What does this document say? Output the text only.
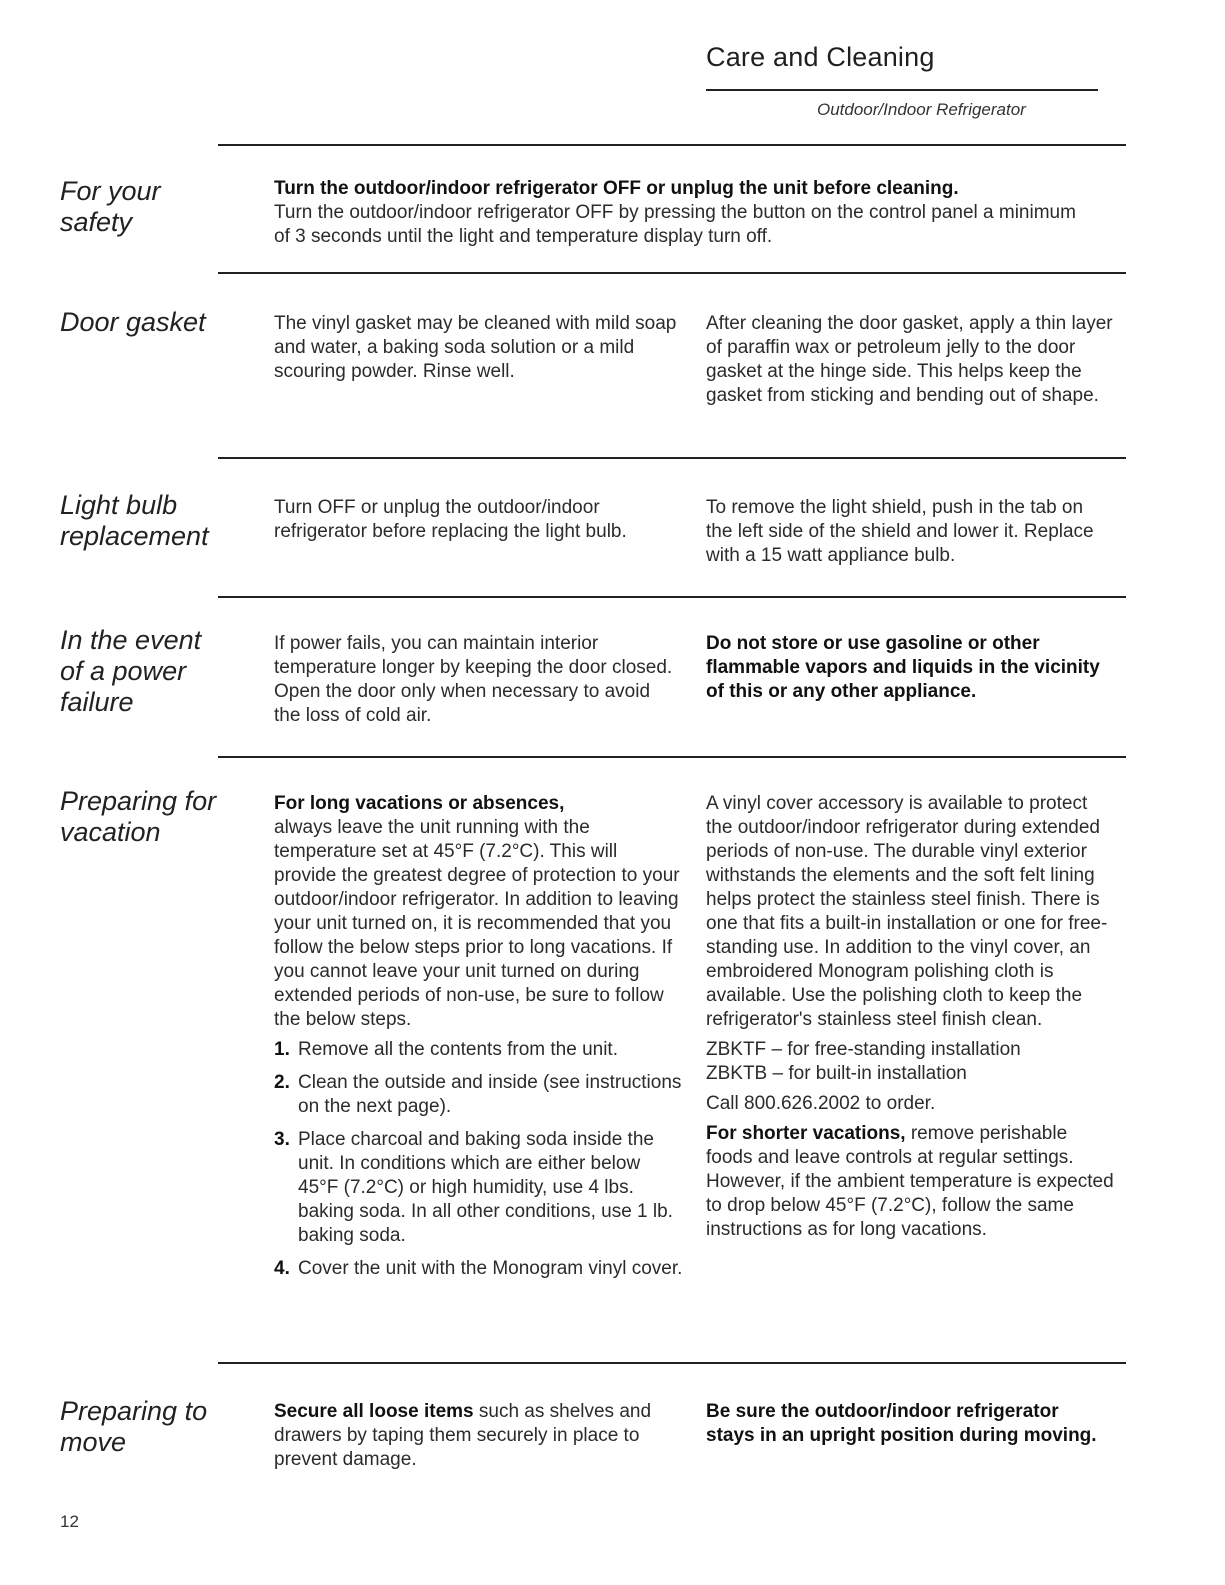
Care and Cleaning
Outdoor/Indoor Refrigerator
For your safety

Turn the outdoor/indoor refrigerator OFF or unplug the unit before cleaning.

Turn the outdoor/indoor refrigerator OFF by pressing the button on the control panel a minimum of 3 seconds until the light and temperature display turn off.

Door gasket	The vinyl gasket may be cleaned with mild soap and water, a baking soda solution or a mild scouring powder. Rinse well.

After cleaning the door gasket, apply a thin layer of paraffin wax or petroleum jelly to the door gasket at the hinge side. This helps keep the gasket from sticking and bending out of shape.

Light bulb replacement

Turn OFF or unplug the outdoor/indoor refrigerator before replacing the light bulb.

To remove the light shield, push in the tab on the left side of the shield and lower it. Replace with a 15 watt appliance bulb.

In the event of a power failure

If power fails, you can maintain interior temperature longer by keeping the door closed. Open the door only when necessary to avoid the loss of cold air.

Do not store or use gasoline or other flammable vapors and liquids in the vicinity of this or any other appliance.

Preparing for vacation

For long vacations or absences,

always leave the unit running with the temperature set at 45°F (7.2°C). This will provide the greatest degree of protection to your outdoor/indoor refrigerator. In addition to leaving your unit turned on, it is recommended that you follow the below steps prior to long vacations. If you cannot leave your unit turned on during extended periods of non-use, be sure to follow the below steps.

1. Remove all the contents from the unit.
2. Clean the outside and inside (see instructions on the next page).
3. Place charcoal and baking soda inside the unit. In conditions which are either below 45°F (7.2°C) or high humidity, use 4 lbs. baking soda. In all other conditions, use 1 lb. baking soda.
4. Cover the unit with the Monogram vinyl cover.

A vinyl cover accessory is available to protect the outdoor/indoor refrigerator during extended periods of non-use. The durable vinyl exterior withstands the elements and the soft felt lining helps protect the stainless steel finish. There is one that fits a built-in installation or one for free-standing use. In addition to the vinyl cover, an embroidered Monogram polishing cloth is available. Use the polishing cloth to keep the refrigerator's stainless steel finish clean.

ZBKTF – for free-standing installation

ZBKTB – for built-in installation

Call 800.626.2002 to order.

For shorter vacations, remove perishable foods and leave controls at regular settings. However, if the ambient temperature is expected to drop below 45°F (7.2°C), follow the same instructions as for long vacations.

Preparing to move

Secure all loose items such as shelves and drawers by taping them securely in place to prevent damage.

Be sure the outdoor/indoor refrigerator stays in an upright position during moving.

12
